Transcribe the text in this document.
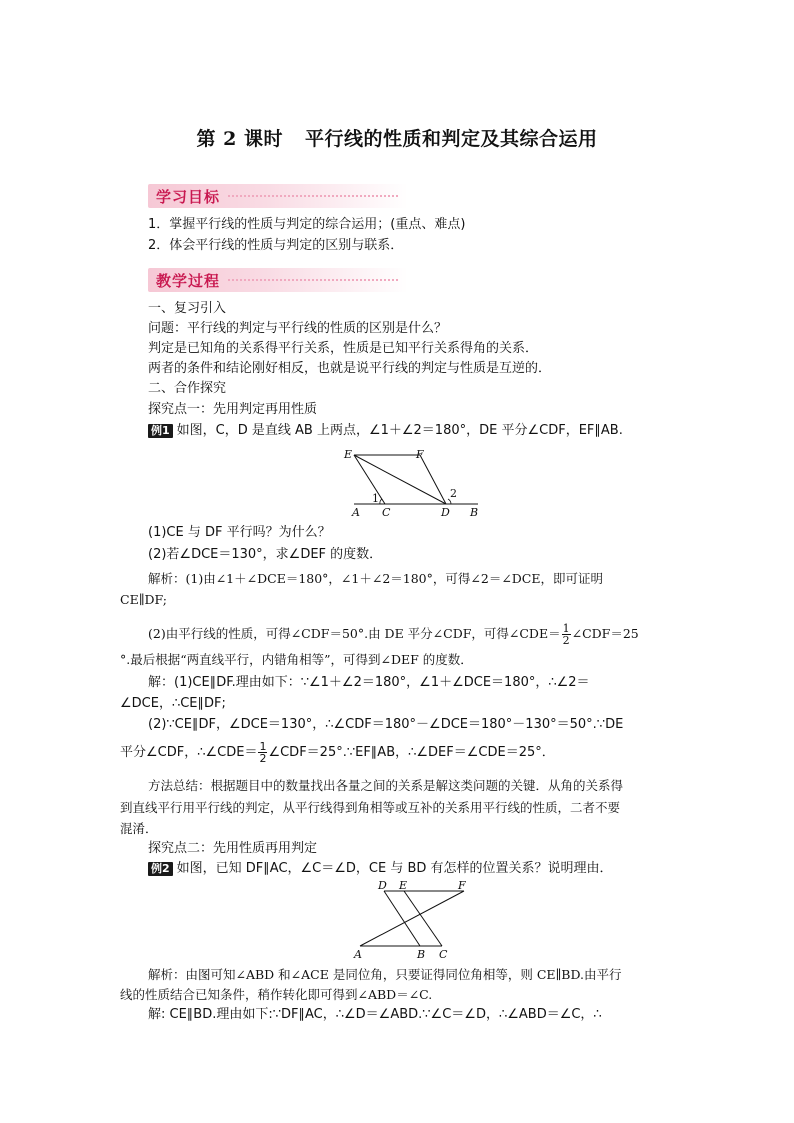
第 2 课时 平行线的性质和判定及其综合运用
学习目标
1．掌握平行线的性质与判定的综合运用；(重点、难点)
2．体会平行线的性质与判定的区别与联系．
教学过程
一、复习引入
问题：平行线的判定与平行线的性质的区别是什么？
判定是已知角的关系得平行关系，性质是已知平行关系得角的关系．
两者的条件和结论刚好相反，也就是说平行线的判定与性质是互逆的．
二、合作探究
探究点一：先用判定再用性质
例1 如图，C，D 是直线 AB 上两点，∠1＋∠2＝180°，DE 平分∠CDF，EF∥AB.
E	F
1	2
A C	D B
(1)CE 与 DF 平行吗？为什么？
(2)若∠DCE＝130°，求∠DEF 的度数．
解析：(1)由∠1＋∠DCE＝180°，∠1＋∠2＝180°，可得∠2＝∠DCE，即可证明
CE∥DF;
(2)由平行线的性质，可得∠CDF＝50°.由 DE 平分∠CDF，可得∠CDE＝ $\frac{1}{2}$ ∠CDF＝25
°.最后根据“两直线平行，内错角相等”，可得到∠DEF 的度数．
解：(1)CE∥DF.理由如下：∵∠1＋∠2＝180°，∠1＋∠DCE＝180°，∴∠2＝
∠DCE，∴CE∥DF;
(2)∵CE∥DF，∠DCE＝130°，∴∠CDF＝180°－∠DCE＝180°－130°＝50°.∵DE
平分∠CDF，∴∠CDE＝ $\frac{1}{2}$ ∠CDF＝25°.∵EF∥AB，∴∠DEF＝∠CDE＝25°．
方法总结：根据题目中的数量找出各量之间的关系是解这类问题的关键．从角的关系得
到直线平行用平行线的判定，从平行线得到角相等或互补的关系用平行线的性质，二者不要
混淆．
探究点二：先用性质再用判定
例2 如图，已知 DF∥AC，∠C＝∠D，CE 与 BD 有怎样的位置关系？说明理由．
D E	F
A	B C
解析：由图可知∠ABD 和∠ACE 是同位角，只要证得同位角相等，则 CE∥BD.由平行
线的性质结合已知条件，稍作转化即可得到∠ABD＝∠C.
解: CE∥BD.理由如下:∵DF∥AC，∴∠D＝∠ABD.∵∠C＝∠D，∴∠ABD＝∠C，∴
